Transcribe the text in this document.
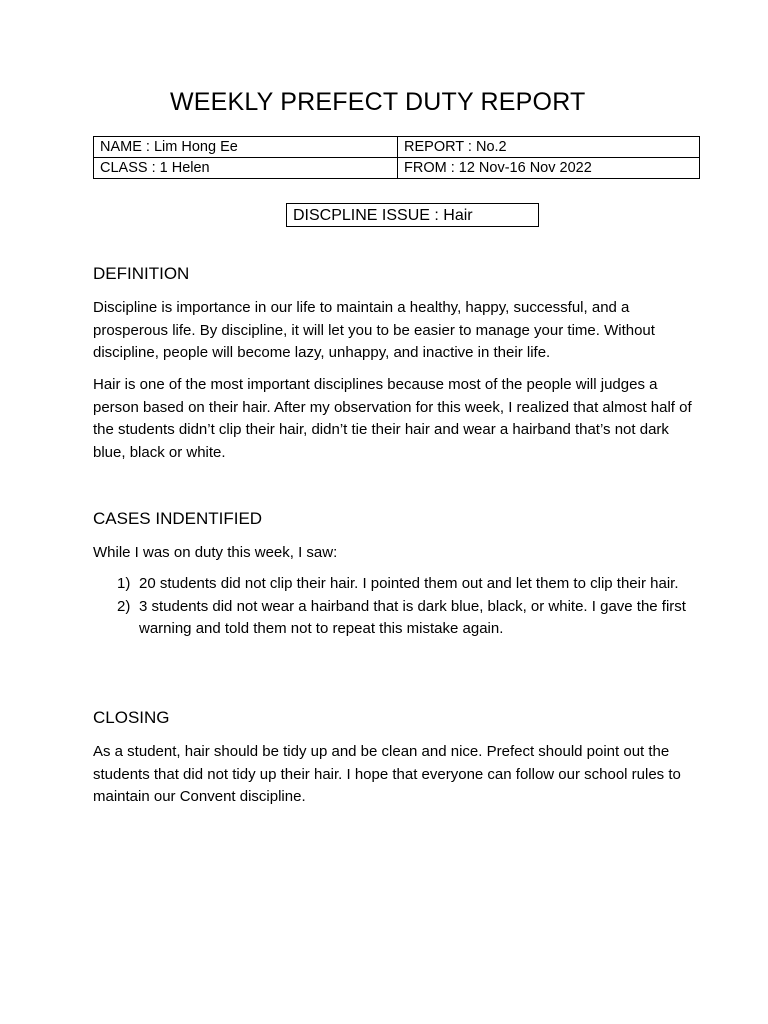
WEEKLY PREFECT DUTY REPORT
NAME : Lim Hong Ee	REPORT : No.2
CLASS : 1 Helen	FROM : 12 Nov-16 Nov 2022
DISCPLINE ISSUE : Hair
DEFINITION
Discipline is importance in our life to maintain a healthy, happy, successful, and a prosperous life. By discipline, it will let you to be easier to manage your time. Without discipline, people will become lazy, unhappy, and inactive in their life.
Hair is one of the most important disciplines because most of the people will judges a person based on their hair. After my observation for this week, I realized that almost half of the students didn’t clip their hair, didn’t tie their hair and wear a hairband that’s not dark blue, black or white.
CASES INDENTIFIED
While I was on duty this week, I saw:
1) 20 students did not clip their hair. I pointed them out and let them to clip their hair.
2) 3 students did not wear a hairband that is dark blue, black, or white. I gave the first warning and told them not to repeat this mistake again.
CLOSING
As a student, hair should be tidy up and be clean and nice. Prefect should point out the students that did not tidy up their hair. I hope that everyone can follow our school rules to maintain our Convent discipline.
